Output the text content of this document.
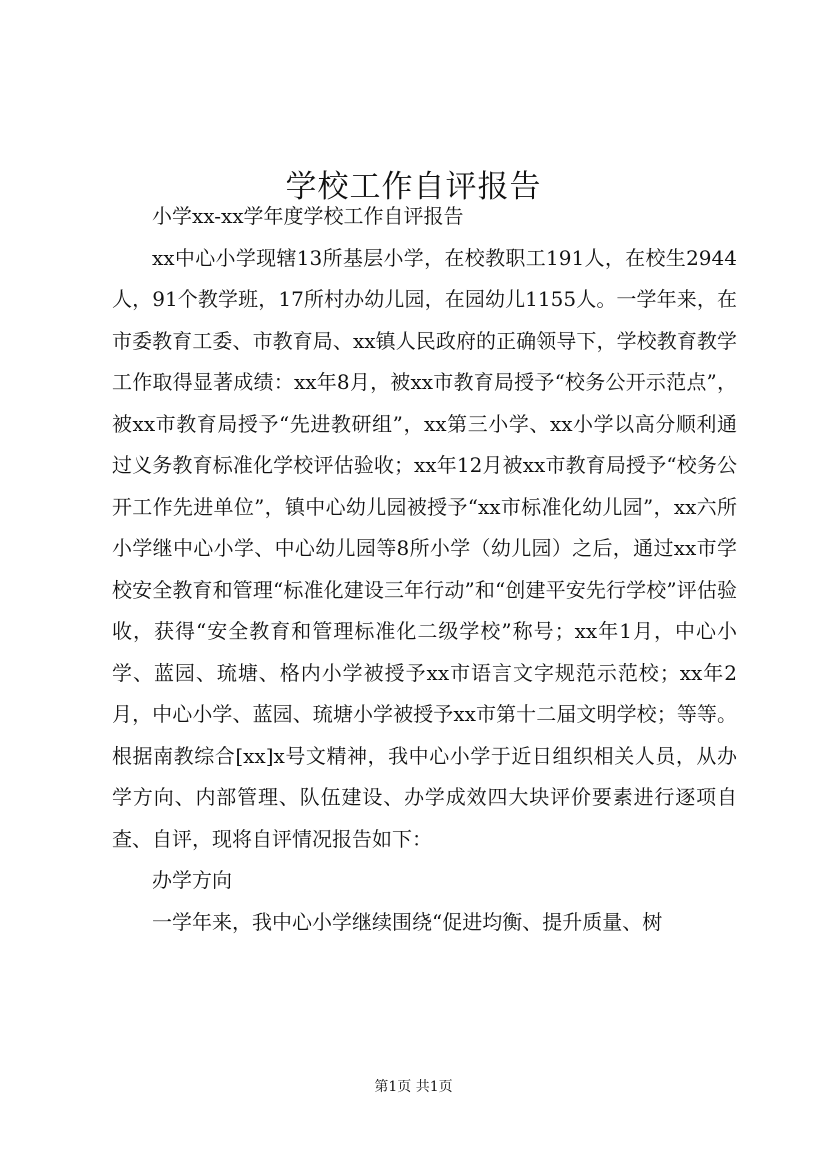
学校工作自评报告

小学xx-xx学年度学校工作自评报告

xx中心小学现辖13所基层小学，在校教职工191人，在校生2944人，91个教学班，17所村办幼儿园，在园幼儿1155人。一学年来，在市委教育工委、市教育局、xx镇人民政府的正确领导下，学校教育教学工作取得显著成绩：xx年8月，被xx市教育局授予“校务公开示范点”，被xx市教育局授予“先进教研组”，xx第三小学、xx小学以高分顺利通过义务教育标准化学校评估验收；xx年12月被xx市教育局授予“校务公开工作先进单位”，镇中心幼儿园被授予“xx市标准化幼儿园”，xx六所小学继中心小学、中心幼儿园等8所小学（幼儿园）之后，通过xx市学校安全教育和管理“标准化建设三年行动”和“创建平安先行学校”评估验收，获得“安全教育和管理标准化二级学校”称号；xx年1月，中心小学、蓝园、琉塘、格内小学被授予xx市语言文字规范示范校；xx年2月，中心小学、蓝园、琉塘小学被授予xx市第十二届文明学校；等等。根据南教综合[xx]x号文精神，我中心小学于近日组织相关人员，从办学方向、内部管理、队伍建设、办学成效四大块评价要素进行逐项自查、自评，现将自评情况报告如下：

办学方向

一学年来，我中心小学继续围绕“促进均衡、提升质量、树

第1页 共1页
